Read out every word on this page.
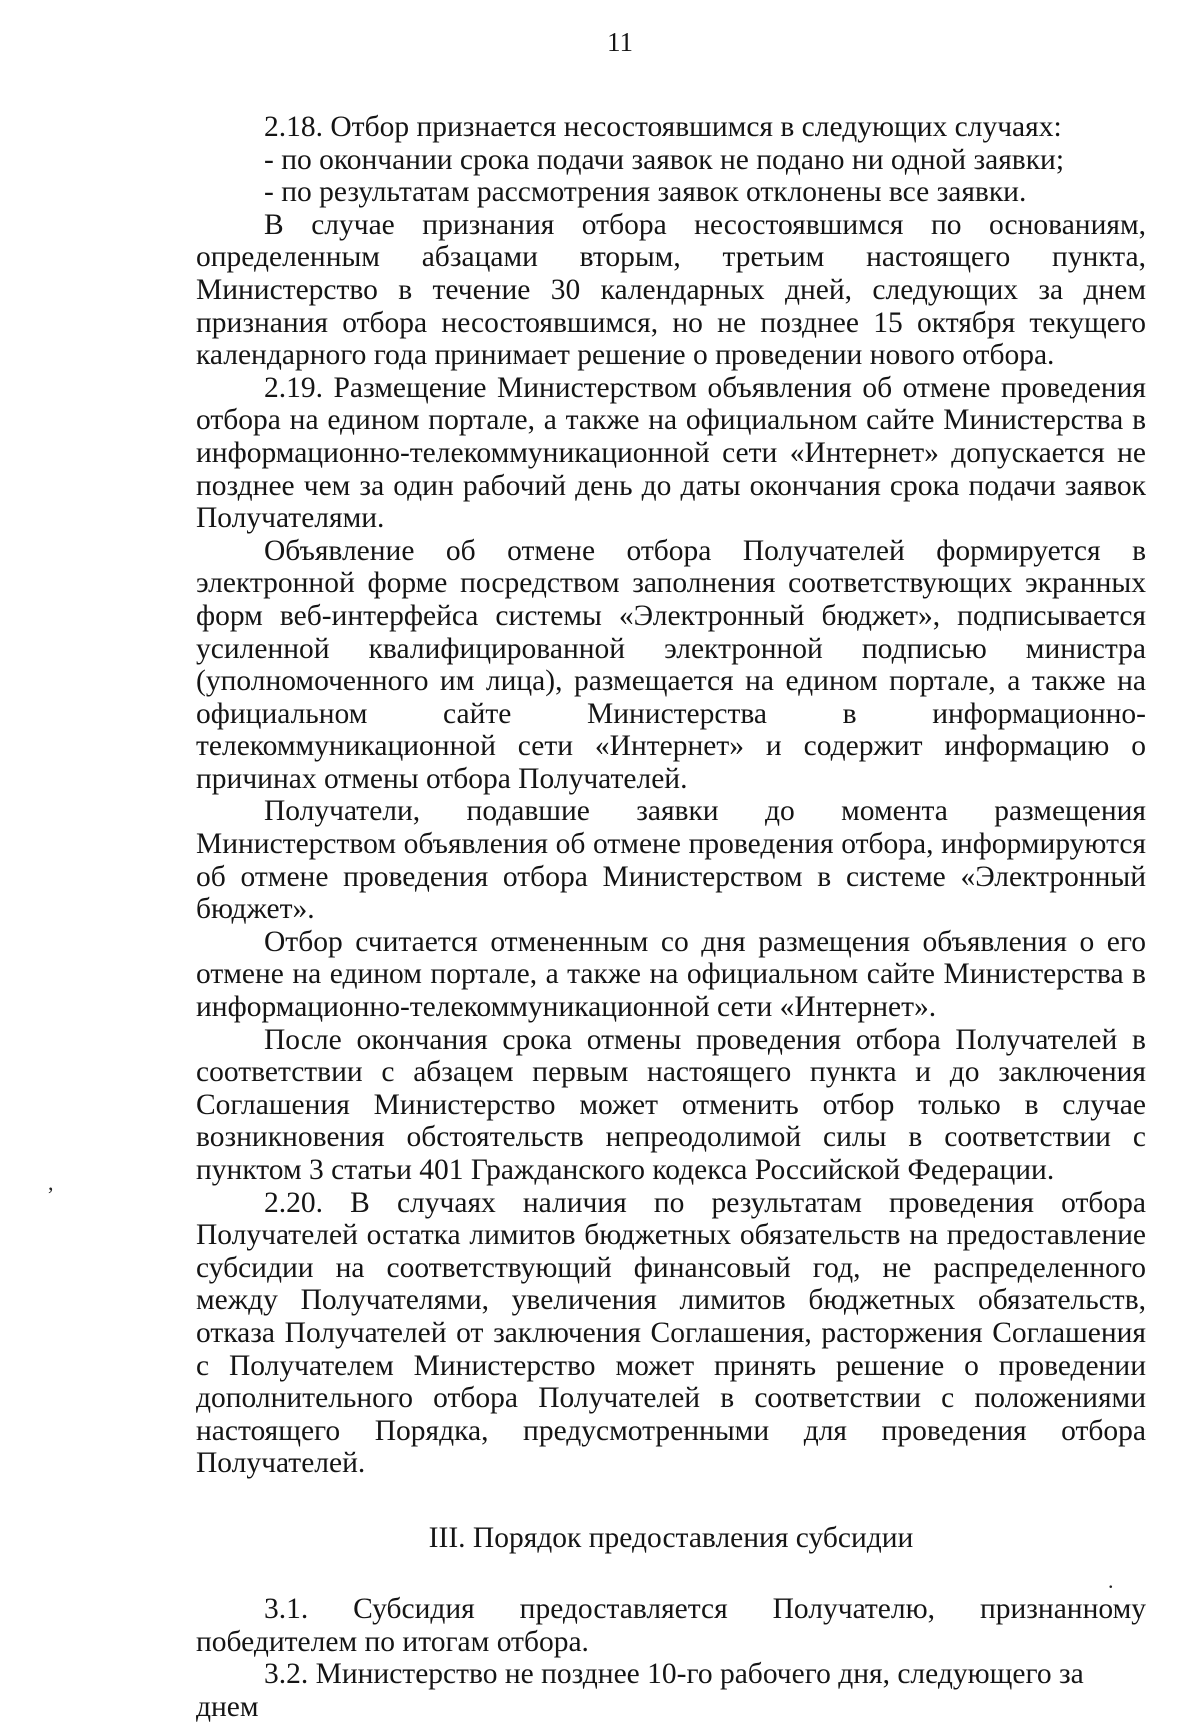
11

2.18. Отбор признается несостоявшимся в следующих случаях:

- по окончании срока подачи заявок не подано ни одной заявки;

- по результатам рассмотрения заявок отклонены все заявки.

В случае признания отбора несостоявшимся по основаниям, определенным абзацами вторым, третьим настоящего пункта, Министерство в течение 30 календарных дней, следующих за днем признания отбора несостоявшимся, но не позднее 15 октября текущего календарного года принимает решение о проведении нового отбора.

2.19. Размещение Министерством объявления об отмене проведения отбора на едином портале, а также на официальном сайте Министерства в информационно-телекоммуникационной сети «Интернет» допускается не позднее чем за один рабочий день до даты окончания срока подачи заявок Получателями.

Объявление об отмене отбора Получателей формируется в электронной форме посредством заполнения соответствующих экранных форм веб-интерфейса системы «Электронный бюджет», подписывается усиленной квалифицированной электронной подписью министра (уполномоченного им лица), размещается на едином портале, а также на официальном сайте Министерства в информационно-телекоммуникационной сети «Интернет» и содержит информацию о причинах отмены отбора Получателей.

Получатели, подавшие заявки до момента размещения Министерством объявления об отмене проведения отбора, информируются об отмене проведения отбора Министерством в системе «Электронный бюджет».

Отбор считается отмененным со дня размещения объявления о его отмене на едином портале, а также на официальном сайте Министерства в информационно-телекоммуникационной сети «Интернет».

После окончания срока отмены проведения отбора Получателей в соответствии с абзацем первым настоящего пункта и до заключения Соглашения Министерство может отменить отбор только в случае возникновения обстоятельств непреодолимой силы в соответствии с пунктом 3 статьи 401 Гражданского кодекса Российской Федерации.

2.20. В случаях наличия по результатам проведения отбора Получателей остатка лимитов бюджетных обязательств на предоставление субсидии на соответствующий финансовый год, не распределенного между Получателями, увеличения лимитов бюджетных обязательств, отказа Получателей от заключения Соглашения, расторжения Соглашения с Получателем Министерство может принять решение о проведении дополнительного отбора Получателей в соответствии с положениями настоящего Порядка, предусмотренными для проведения отбора Получателей.

III. Порядок предоставления субсидии

3.1. Субсидия предоставляется Получателю, признанному победителем по итогам отбора.

3.2. Министерство не позднее 10-го рабочего дня, следующего за днем

,
.
